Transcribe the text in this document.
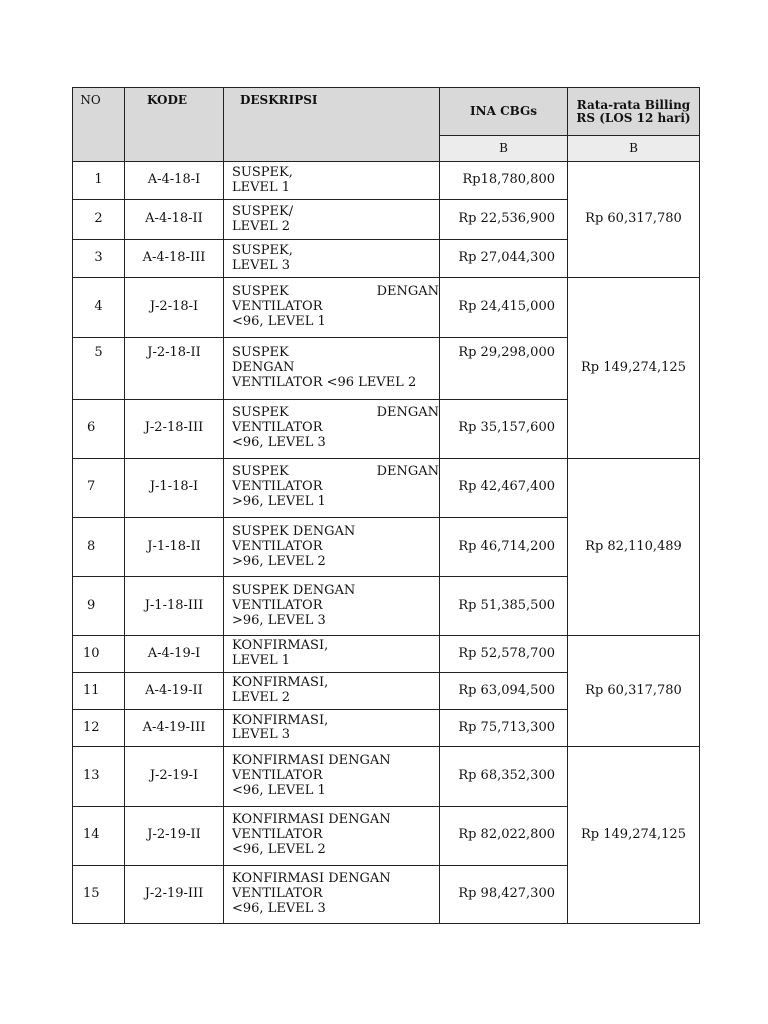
NO	KODE	DESKRIPSI	INA CBGs	Rata-rata Billing RS (LOS 12 hari)
			B	B
1	A-4-18-I	SUSPEK,
LEVEL 1	Rp18,780,800	Rp 60,317,780
2	A-4-18-II	SUSPEK/
LEVEL 2	Rp 22,536,900	
3	A-4-18-III	SUSPEK,
LEVEL 3	Rp 27,044,300	
4	J-2-18-I	SUSPEK DENGAN
VENTILATOR
<96, LEVEL 1	Rp 24,415,000	Rp 149,274,125
5	J-2-18-II	SUSPEK
DENGAN
VENTILATOR <96 LEVEL 2	Rp 29,298,000	
6	J-2-18-III	SUSPEK DENGAN
VENTILATOR
<96, LEVEL 3	Rp 35,157,600	
7	J-1-18-I	SUSPEK DENGAN
VENTILATOR
>96, LEVEL 1	Rp 42,467,400	Rp 82,110,489
8	J-1-18-II	SUSPEK DENGAN
VENTILATOR
>96, LEVEL 2	Rp 46,714,200	
9	J-1-18-III	SUSPEK DENGAN
VENTILATOR
>96, LEVEL 3	Rp 51,385,500	
10	A-4-19-I	KONFIRMASI,
LEVEL 1	Rp 52,578,700	Rp 60,317,780
11	A-4-19-II	KONFIRMASI,
LEVEL 2	Rp 63,094,500	
12	A-4-19-III	KONFIRMASI,
LEVEL 3	Rp 75,713,300	
13	J-2-19-I	KONFIRMASI DENGAN
VENTILATOR
<96, LEVEL 1	Rp 68,352,300	Rp 149,274,125
14	J-2-19-II	KONFIRMASI DENGAN
VENTILATOR
<96, LEVEL 2	Rp 82,022,800	
15	J-2-19-III	KONFIRMASI DENGAN
VENTILATOR
<96, LEVEL 3	Rp 98,427,300	
